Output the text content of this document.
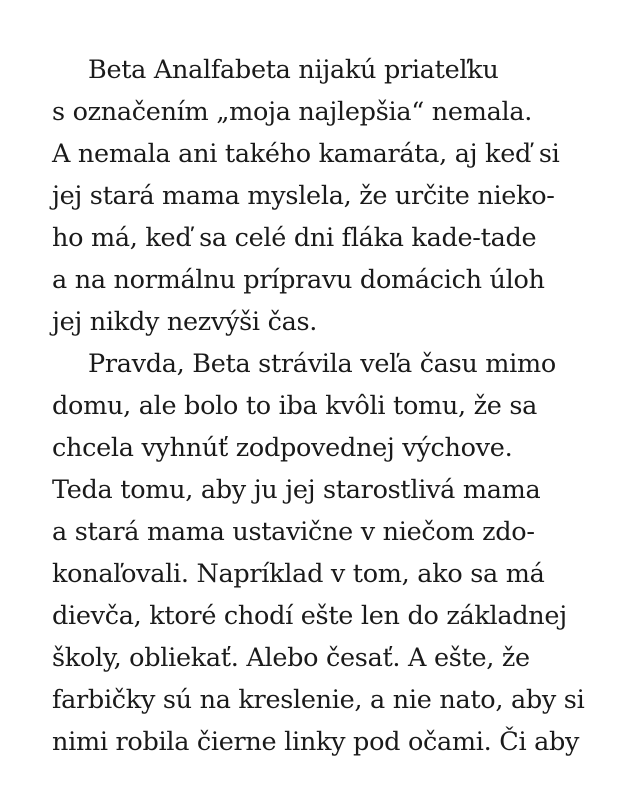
Beta Analfabeta nijakú priateľku
s označením „moja najlepšia“ nemala.
A nemala ani takého kamaráta, aj keď si
jej stará mama myslela, že určite nieko-
ho má, keď sa celé dni fláka kade-tade
a na normálnu prípravu domácich úloh
jej nikdy nezvýši čas.
Pravda, Beta strávila veľa času mimo
domu, ale bolo to iba kvôli tomu, že sa
chcela vyhnúť zodpovednej výchove.
Teda tomu, aby ju jej starostlivá mama
a stará mama ustavične v niečom zdo-
konaľovali. Napríklad v tom, ako sa má
dievča, ktoré chodí ešte len do základnej
školy, obliekať. Alebo česať. A ešte, že
farbičky sú na kreslenie, a nie nato, aby si
nimi robila čierne linky pod očami. Či aby
